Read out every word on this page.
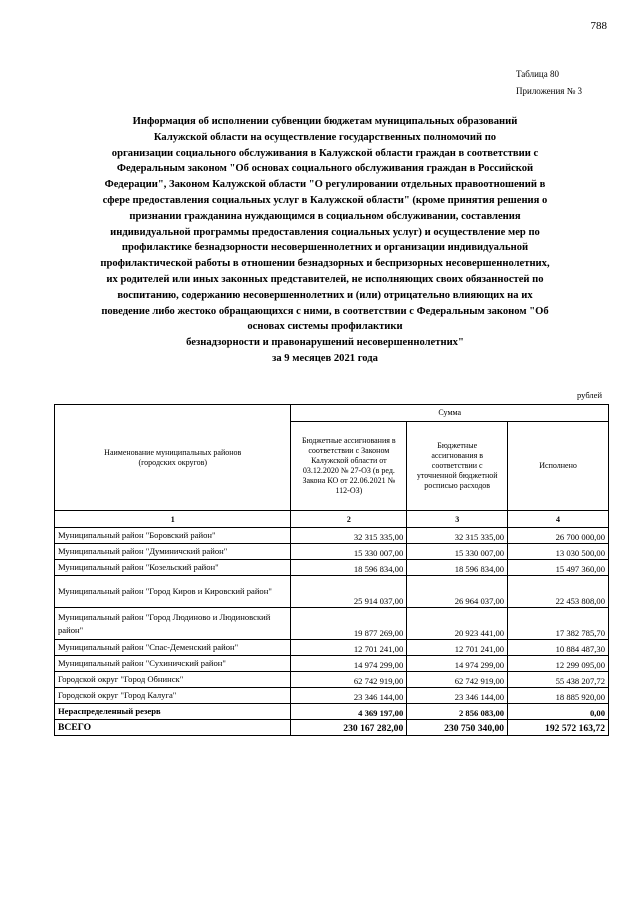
788
Таблица 80
Приложения № 3
Информация об исполнении субвенции бюджетам муниципальных образований
Калужской области на осуществление государственных полномочий по
организации социального обслуживания в Калужской области граждан в соответствии с
Федеральным законом "Об основах социального обслуживания граждан в Российской
Федерации", Законом Калужской области "О регулировании отдельных правоотношений в
сфере предоставления социальных услуг в Калужской области" (кроме принятия решения о
признании гражданина нуждающимся в социальном обслуживании, составления
индивидуальной программы предоставления социальных услуг) и осуществление мер по
профилактике безнадзорности несовершеннолетних и организации индивидуальной
профилактической работы в отношении безнадзорных и беспризорных несовершеннолетних,
их родителей или иных законных представителей, не исполняющих своих обязанностей по
воспитанию, содержанию несовершеннолетних и (или) отрицательно влияющих на их
поведение либо жестоко обращающихся с ними, в соответствии с Федеральным законом "Об
основах системы профилактики
безнадзорности и правонарушений несовершеннолетних"
за 9 месяцев 2021 года
рублей
Наименование муниципальных районов (городских округов)	Сумма		
	Бюджетные ассигнования в соответствии с Законом Калужской области от 03.12.2020 № 27-ОЗ (в ред. Закона КО от 22.06.2021 № 112-ОЗ)	Бюджетные ассигнования в соответствии с уточненной бюджетной росписью расходов	Исполнено
1	2	3	4
Муниципальный район "Боровский район"	32 315 335,00	32 315 335,00	26 700 000,00
Муниципальный район "Думиничский район"	15 330 007,00	15 330 007,00	13 030 500,00
Муниципальный район "Козельский район"	18 596 834,00	18 596 834,00	15 497 360,00
Муниципальный район "Город Киров и Кировский район"	25 914 037,00	26 964 037,00	22 453 808,00
Муниципальный район "Город Людиново и Людиновский район"	19 877 269,00	20 923 441,00	17 382 785,70
Муниципальный район "Спас-Деменский район"	12 701 241,00	12 701 241,00	10 884 487,30
Муниципальный район "Сухиничский район"	14 974 299,00	14 974 299,00	12 299 095,00
Городской округ "Город Обнинск"	62 742 919,00	62 742 919,00	55 438 207,72
Городской округ "Город Калуга"	23 346 144,00	23 346 144,00	18 885 920,00
Нераспределенный резерв	4 369 197,00	2 856 083,00	0,00
ВСЕГО	230 167 282,00	230 750 340,00	192 572 163,72
